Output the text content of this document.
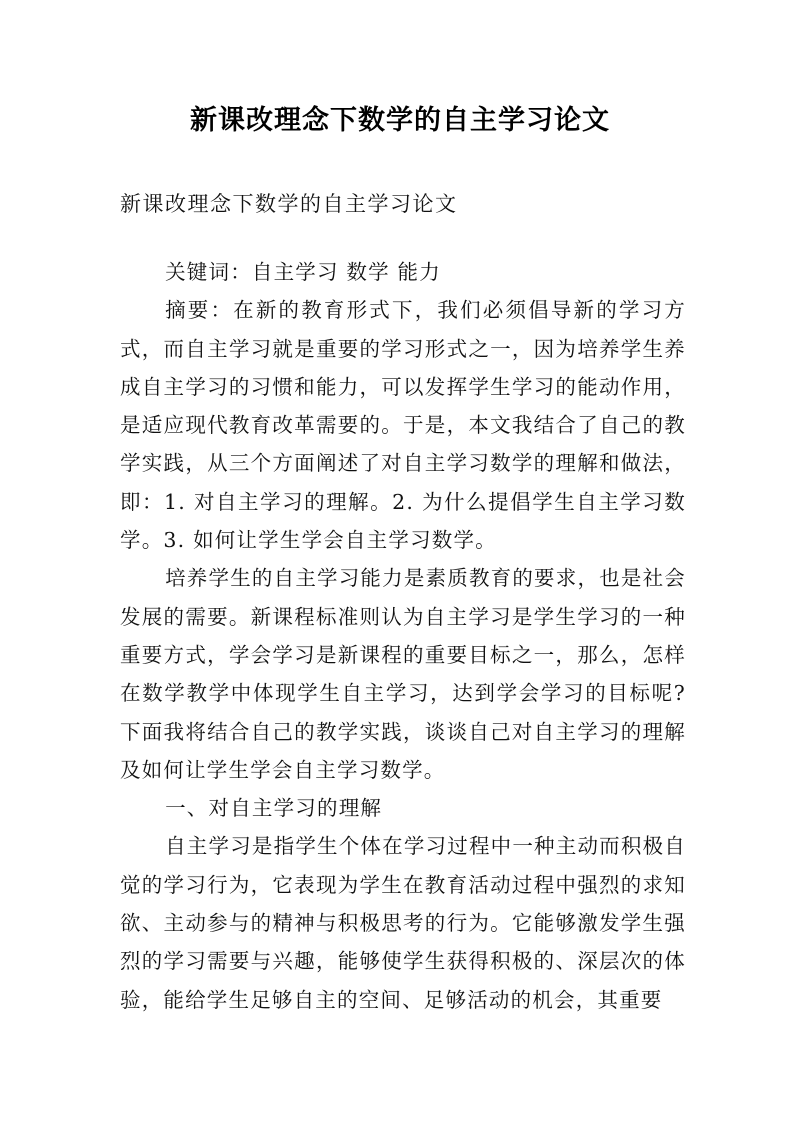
新课改理念下数学的自主学习论文
新课改理念下数学的自主学习论文

关键词：自主学习 数学 能力

摘要：在新的教育形式下，我们必须倡导新的学习方式，而自主学习就是重要的学习形式之一，因为培养学生养成自主学习的习惯和能力，可以发挥学生学习的能动作用，是适应现代教育改革需要的。于是，本文我结合了自己的教学实践，从三个方面阐述了对自主学习数学的理解和做法，即：1. 对自主学习的理解。2. 为什么提倡学生自主学习数学。3. 如何让学生学会自主学习数学。

培养学生的自主学习能力是素质教育的要求，也是社会发展的需要。新课程标准则认为自主学习是学生学习的一种重要方式，学会学习是新课程的重要目标之一，那么，怎样在数学教学中体现学生自主学习，达到学会学习的目标呢?下面我将结合自己的教学实践，谈谈自己对自主学习的理解及如何让学生学会自主学习数学。

一、对自主学习的理解

自主学习是指学生个体在学习过程中一种主动而积极自觉的学习行为，它表现为学生在教育活动过程中强烈的求知欲、主动参与的精神与积极思考的行为。它能够激发学生强烈的学习需要与兴趣，能够使学生获得积极的、深层次的体验，能给学生足够自主的空间、足够活动的机会，其重要
